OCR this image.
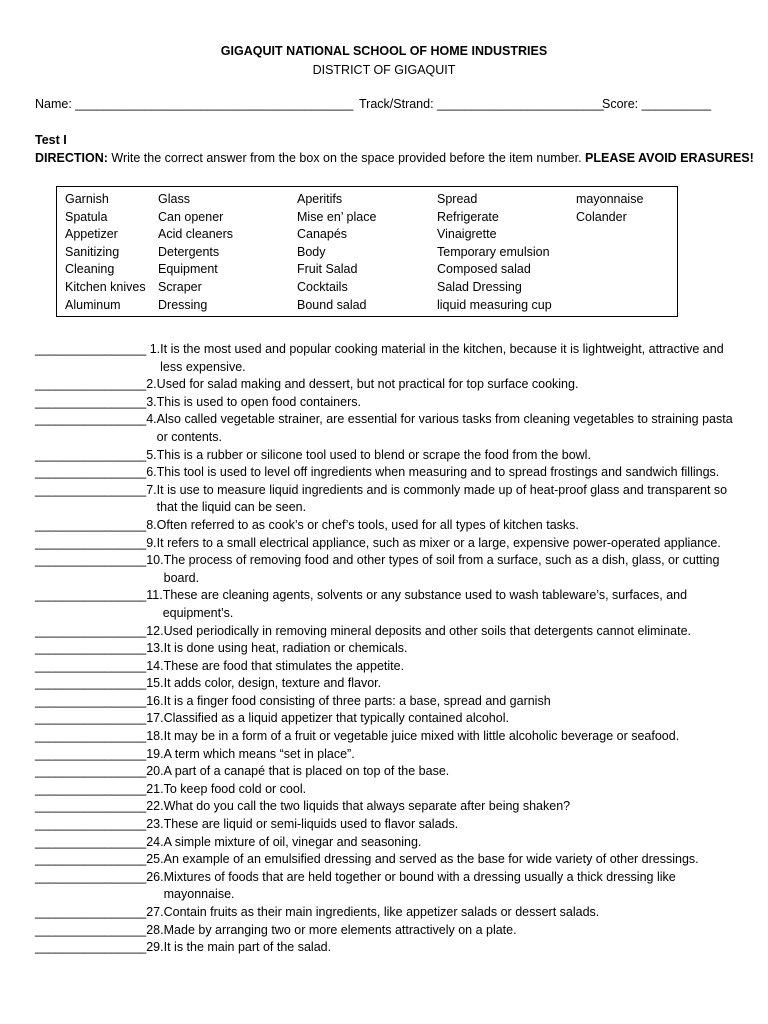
GIGAQUIT NATIONAL SCHOOL OF HOME INDUSTRIES
DISTRICT OF GIGAQUIT

Name: ________________________________________

Track/Strand: ________________________

Score: __________

Test I
DIRECTION: Write the correct answer from the box on the space provided before the item number. PLEASE AVOID ERASURES!
Garnish
Spatula
Appetizer
Sanitizing
Cleaning
Kitchen knives
Aluminum
Glass
Can opener
Acid cleaners
Detergents
Equipment
Scraper
Dressing
Aperitifs
Mise en’ place
Canapés
Body
Fruit Salad
Cocktails
Bound salad
Spread
Refrigerate
Vinaigrette
Temporary emulsion
Composed salad
Salad Dressing
liquid measuring cup
mayonnaise
Colander
________________ 1. It is the most used and popular cooking material in the kitchen, because it is lightweight, attractive and
less expensive.
________________ 2. Used for salad making and dessert, but not practical for top surface cooking.
________________ 3. This is used to open food containers.
________________ 4. Also called vegetable strainer, are essential for various tasks from cleaning vegetables to straining pasta
or contents.
________________ 5. This is a rubber or silicone tool used to blend or scrape the food from the bowl.
________________ 6. This tool is used to level off ingredients when measuring and to spread frostings and sandwich fillings.
________________ 7. It is use to measure liquid ingredients and is commonly made up of heat-proof glass and transparent so
that the liquid can be seen.
________________ 8. Often referred to as cook’s or chef’s tools, used for all types of kitchen tasks.
________________ 9. It refers to a small electrical appliance, such as mixer or a large, expensive power-operated appliance.
________________ 10. The process of removing food and other types of soil from a surface, such as a dish, glass, or cutting
board.
________________ 11. These are cleaning agents, solvents or any substance used to wash tableware’s, surfaces, and
equipment’s.
________________ 12. Used periodically in removing mineral deposits and other soils that detergents cannot eliminate.
________________ 13. It is done using heat, radiation or chemicals.
________________ 14. These are food that stimulates the appetite.
________________ 15. It adds color, design, texture and flavor.
________________ 16. It is a finger food consisting of three parts: a base, spread and garnish
________________ 17. Classified as a liquid appetizer that typically contained alcohol.
________________ 18. It may be in a form of a fruit or vegetable juice mixed with little alcoholic beverage or seafood.
________________ 19. A term which means “set in place”.
________________ 20. A part of a canapé that is placed on top of the base.
________________ 21. To keep food cold or cool.
________________ 22. What do you call the two liquids that always separate after being shaken?
________________ 23. These are liquid or semi-liquids used to flavor salads.
________________ 24. A simple mixture of oil, vinegar and seasoning.
________________ 25. An example of an emulsified dressing and served as the base for wide variety of other dressings.
________________ 26. Mixtures of foods that are held together or bound with a dressing usually a thick dressing like
mayonnaise.
________________ 27. Contain fruits as their main ingredients, like appetizer salads or dessert salads.
________________ 28. Made by arranging two or more elements attractively on a plate.
________________ 29. It is the main part of the salad.
